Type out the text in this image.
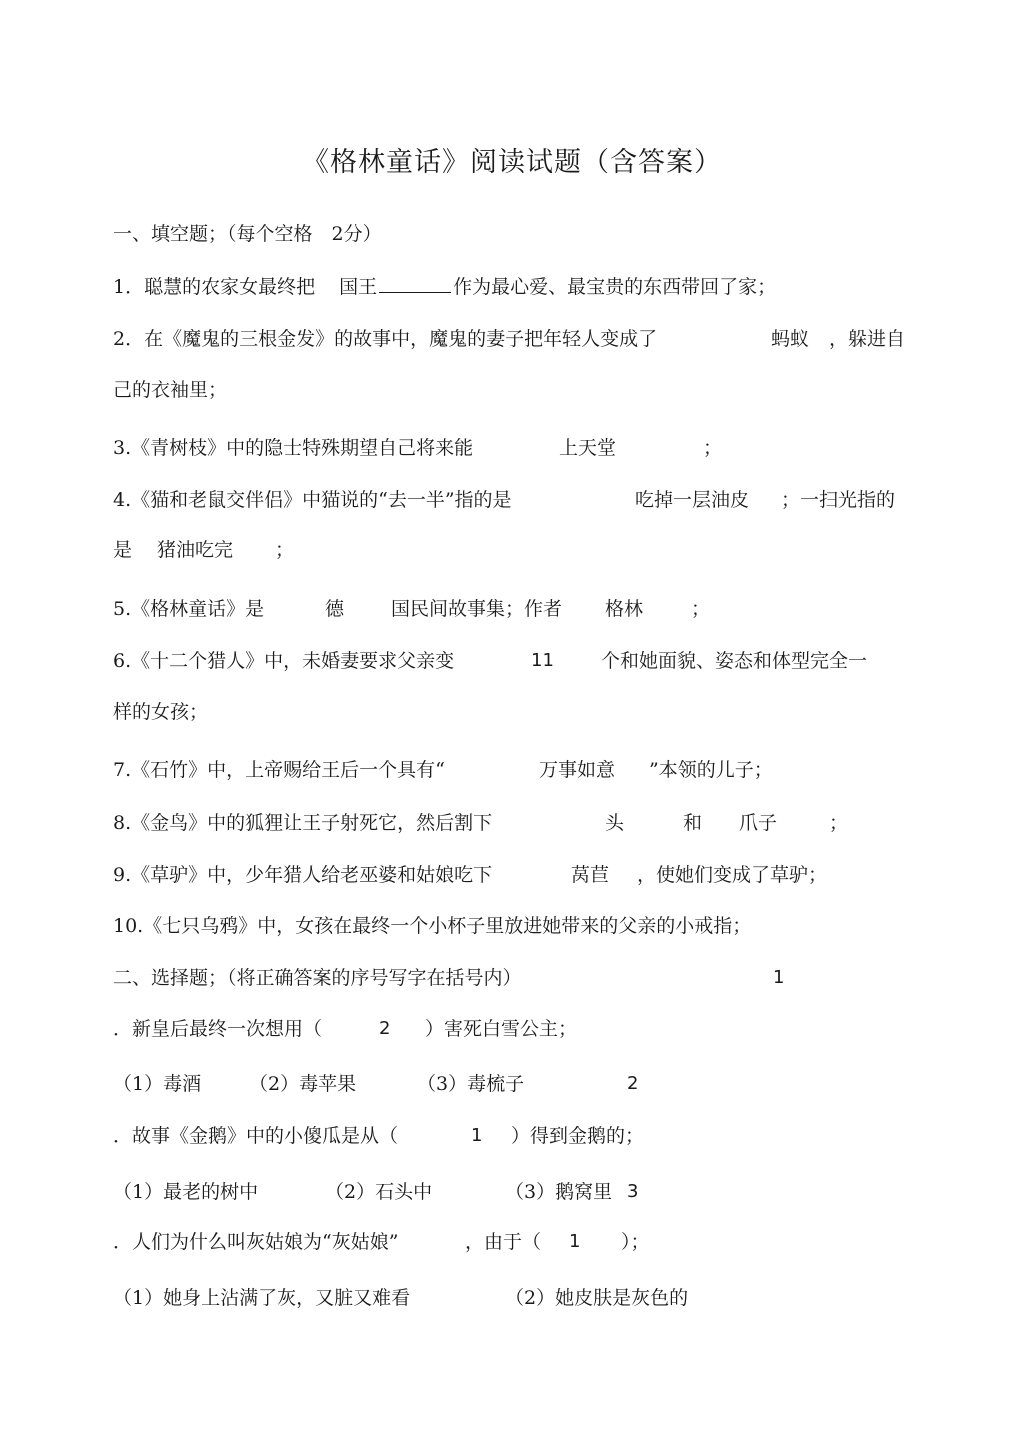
《格林童话》阅读试题（含答案）
一、填空题；（每个空格　2分）
1．聪慧的农家女最终把 国王	作为最心爱、最宝贵的东西带回了家；
2．在《魔鬼的三根金发》的故事中，魔鬼的妻子把年轻人变成了	蚂蚁 ，躲进自
己的衣袖里；
3.《青树枝》中的隐士特殊期望自己将来能	上天堂	；
4.《猫和老鼠交伴侣》中猫说的“去一半”指的是	吃掉一层油皮 ；一扫光指的
是 猪油吃完 ；
5.《格林童话》是	德 国民间故事集；作者 格林	；
6.《十二个猎人》中，未婚妻要求父亲变	11 个和她面貌、姿态和体型完全一
样的女孩；
7.《石竹》中，上帝赐给王后一个具有“	万事如意 ”本领的儿子；
8.《金鸟》中的狐狸让王子射死它，然后割下	头	和 爪子	；
9.《草驴》中，少年猎人给老巫婆和姑娘吃下	莴苣 ，使她们变成了草驴；
10.《七只乌鸦》中，女孩在最终一个小杯子里放进她带来的父亲的小戒指；
二、选择题；（将正确答案的序号写字在括号内）	1
．新皇后最终一次想用（	2 ）害死白雪公主；
（1）毒酒	（2）毒苹果	（3）毒梳子	2
．故事《金鹅》中的小傻瓜是从（	1 ）得到金鹅的；
（1）最老的树中	（2）石头中	（3）鹅窝里 3
．人们为什么叫灰姑娘为“灰姑娘”	，由于（ 1 ）；
（1）她身上沾满了灰，又脏又难看	（2）她皮肤是灰色的
